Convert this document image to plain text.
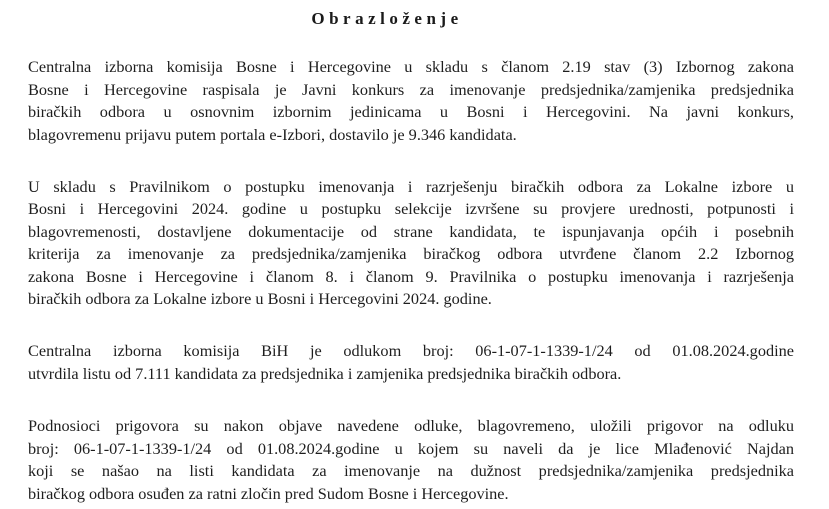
Obrazloženje
Centralna izborna komisija Bosne i Hercegovine u skladu s članom 2.19 stav (3) Izbornog zakona
Bosne i Hercegovine raspisala je Javni konkurs za imenovanje predsjednika/zamjenika predsjednika
biračkih odbora u osnovnim izbornim jedinicama u Bosni i Hercegovini. Na javni konkurs,
blagovremenu prijavu putem portala e-Izbori, dostavilo je 9.346 kandidata.
U skladu s Pravilnikom o postupku imenovanja i razrješenju biračkih odbora za Lokalne izbore u
Bosni i Hercegovini 2024. godine u postupku selekcije izvršene su provjere urednosti, potpunosti i
blagovremenosti, dostavljene dokumentacije od strane kandidata, te ispunjavanja općih i posebnih
kriterija za imenovanje za predsjednika/zamjenika biračkog odbora utvrđene članom 2.2 Izbornog
zakona Bosne i Hercegovine i članom 8. i članom 9. Pravilnika o postupku imenovanja i razrješenja
biračkih odbora za Lokalne izbore u Bosni i Hercegovini 2024. godine.
Centralna izborna komisija BiH je odlukom broj: 06-1-07-1-1339-1/24 od 01.08.2024.godine
utvrdila listu od 7.111 kandidata za predsjednika i zamjenika predsjednika biračkih odbora.
Podnosioci prigovora su nakon objave navedene odluke, blagovremeno, uložili prigovor na odluku
broj: 06-1-07-1-1339-1/24 od 01.08.2024.godine u kojem su naveli da je lice Mlađenović Najdan
koji se našao na listi kandidata za imenovanje na dužnost predsjednika/zamjenika predsjednika
biračkog odbora osuđen za ratni zločin pred Sudom Bosne i Hercegovine.
